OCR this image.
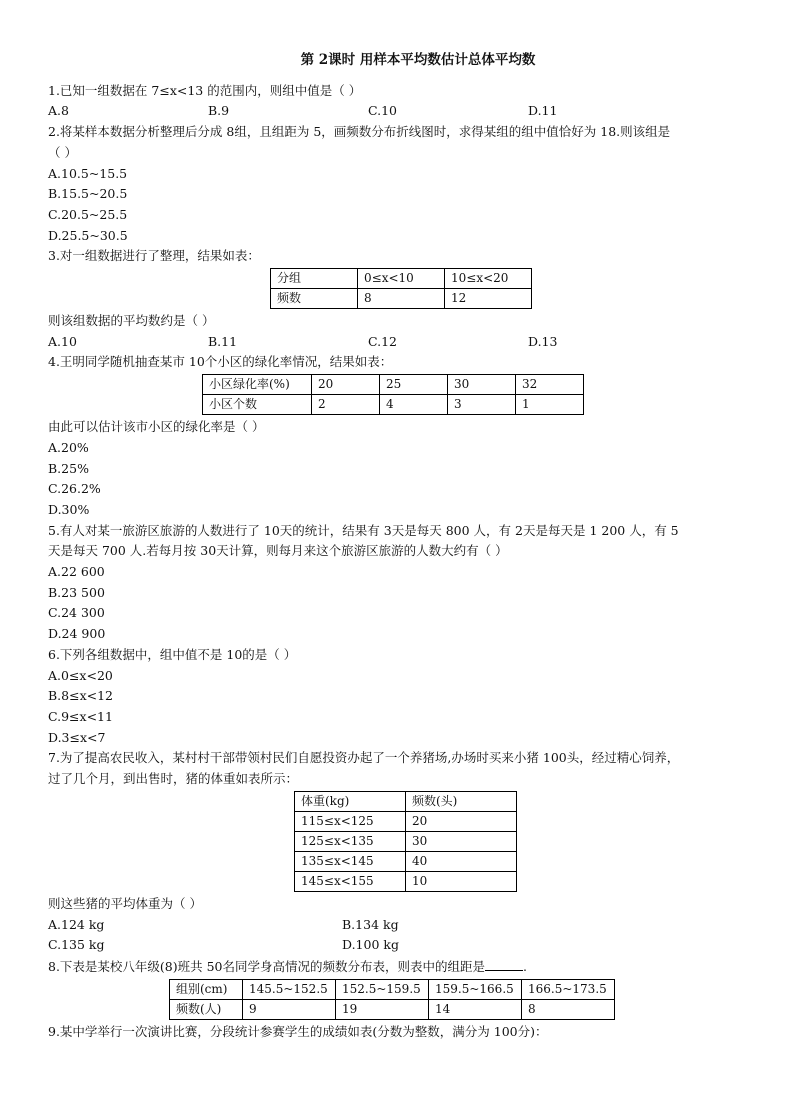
第 2课时 用样本平均数估计总体平均数
1.已知一组数据在 7≤x<13 的范围内，则组中值是（ ）
A.8	B.9	C.10	D.11
2.将某样本数据分析整理后分成 8组，且组距为 5，画频数分布折线图时，求得某组的组中值恰好为 18.则该组是
（ ）
A.10.5~15.5
B.15.5~20.5
C.20.5~25.5
D.25.5~30.5
3.对一组数据进行了整理，结果如表：
分组	0≤x<10	10≤x<20
频数	8	12
则该组数据的平均数约是（ ）
A.10	B.11	C.12	D.13
4.王明同学随机抽查某市 10个小区的绿化率情况，结果如表：
小区绿化率(%)	20	25	30	32
小区个数	2	4	3	1
由此可以估计该市小区的绿化率是（ ）
A.20%
B.25%
C.26.2%
D.30%
5.有人对某一旅游区旅游的人数进行了 10天的统计，结果有 3天是每天 800 人，有 2天是每天是 1 200 人，有 5
天是每天 700 人.若每月按 30天计算，则每月来这个旅游区旅游的人数大约有（ ）
A.22 600
B.23 500
C.24 300
D.24 900
6.下列各组数据中，组中值不是 10的是（ ）
A.0≤x<20
B.8≤x<12
C.9≤x<11
D.3≤x<7
7.为了提高农民收入，某村村干部带领村民们自愿投资办起了一个养猪场,办场时买来小猪 100头，经过精心饲养，
过了几个月，到出售时，猪的体重如表所示：
体重(kg)	频数(头)
115≤x<125	20
125≤x<135	30
135≤x<145	40
145≤x<155	10
则这些猪的平均体重为（ ）
A.124 kg	B.134 kg
C.135 kg	D.100 kg
8.下表是某校八年级(8)班共 50名同学身高情况的频数分布表，则表中的组距是	.
组别(cm)	145.5~152.5	152.5~159.5	159.5~166.5	166.5~173.5
频数(人)	9	19	14	8
9.某中学举行一次演讲比赛，分段统计参赛学生的成绩如表(分数为整数，满分为 100分)：
